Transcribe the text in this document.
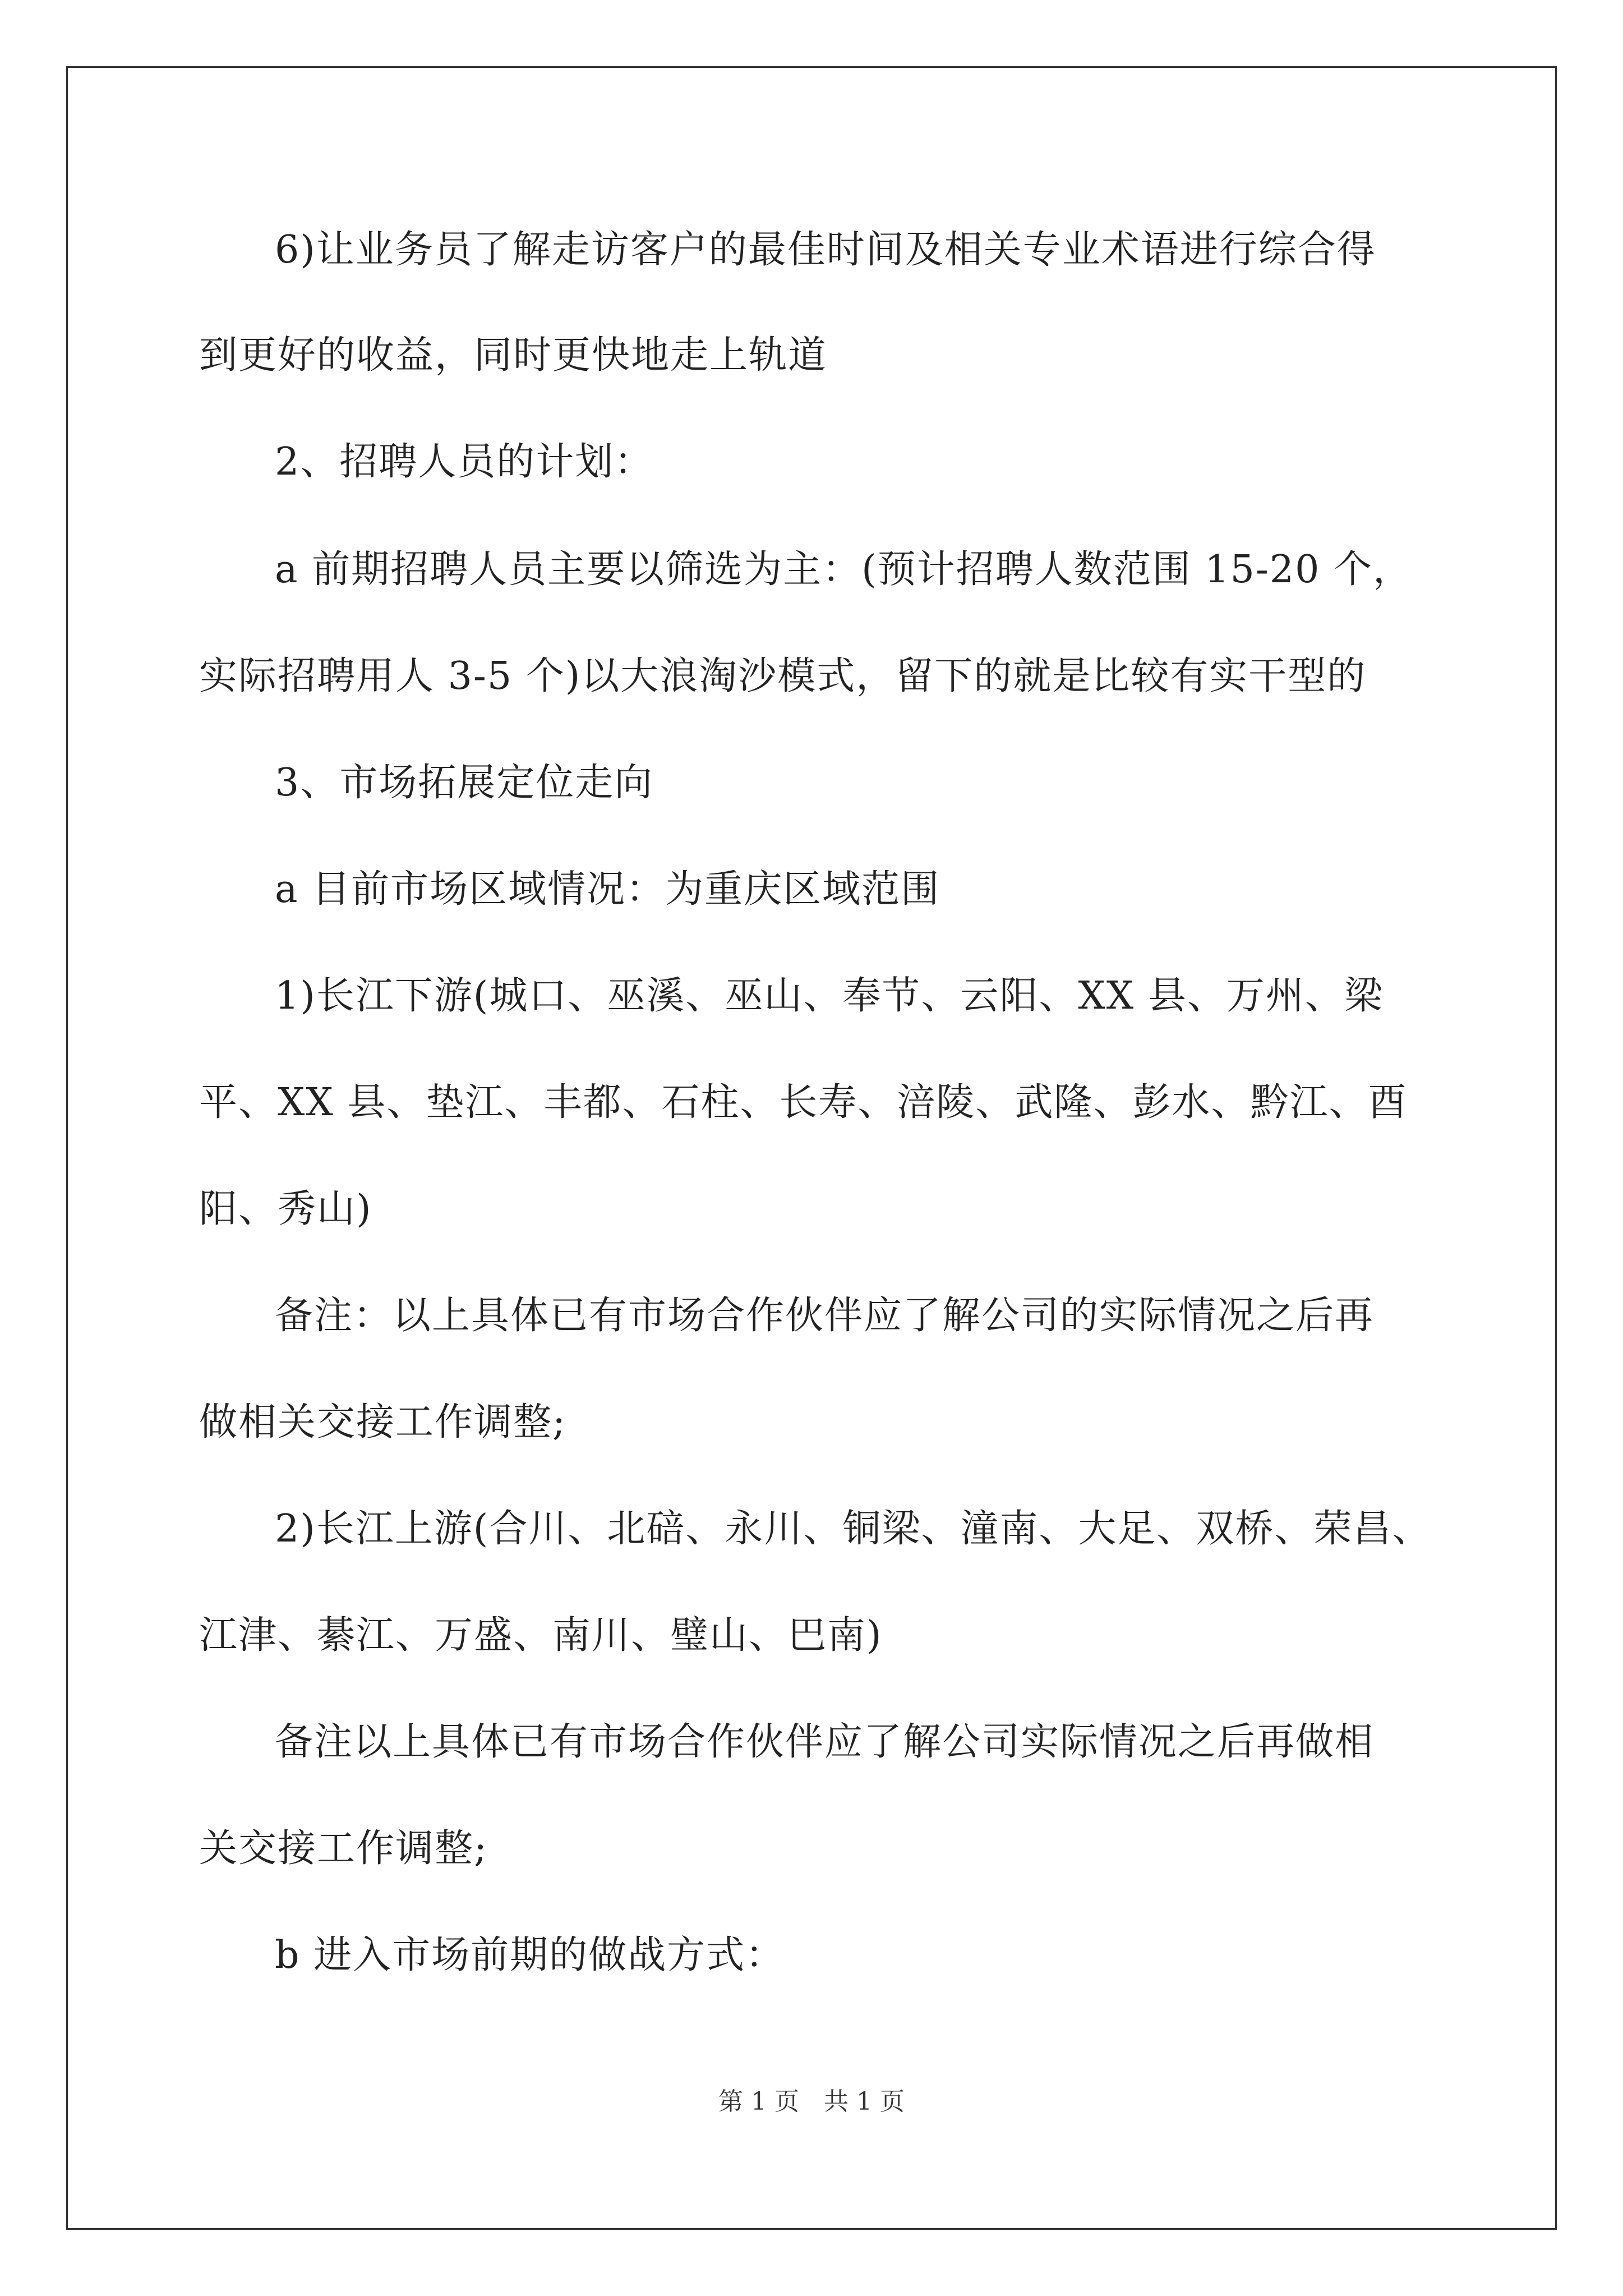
6)让业务员了解走访客户的最佳时间及相关专业术语进行综合得
到更好的收益，同时更快地走上轨道
2、招聘人员的计划：
a 前期招聘人员主要以筛选为主：(预计招聘人数范围 15-20 个，
实际招聘用人 3-5 个)以大浪淘沙模式，留下的就是比较有实干型的
3、市场拓展定位走向
a 目前市场区域情况：为重庆区域范围
1)长江下游(城口、巫溪、巫山、奉节、云阳、XX 县、万州、梁
平、XX 县、垫江、丰都、石柱、长寿、涪陵、武隆、彭水、黔江、酉
阳、秀山)
备注：以上具体已有市场合作伙伴应了解公司的实际情况之后再
做相关交接工作调整;
2)长江上游(合川、北碚、永川、铜梁、潼南、大足、双桥、荣昌、
江津、綦江、万盛、南川、璧山、巴南)
备注以上具体已有市场合作伙伴应了解公司实际情况之后再做相
关交接工作调整;
b 进入市场前期的做战方式：
第 1 页　共 1 页
